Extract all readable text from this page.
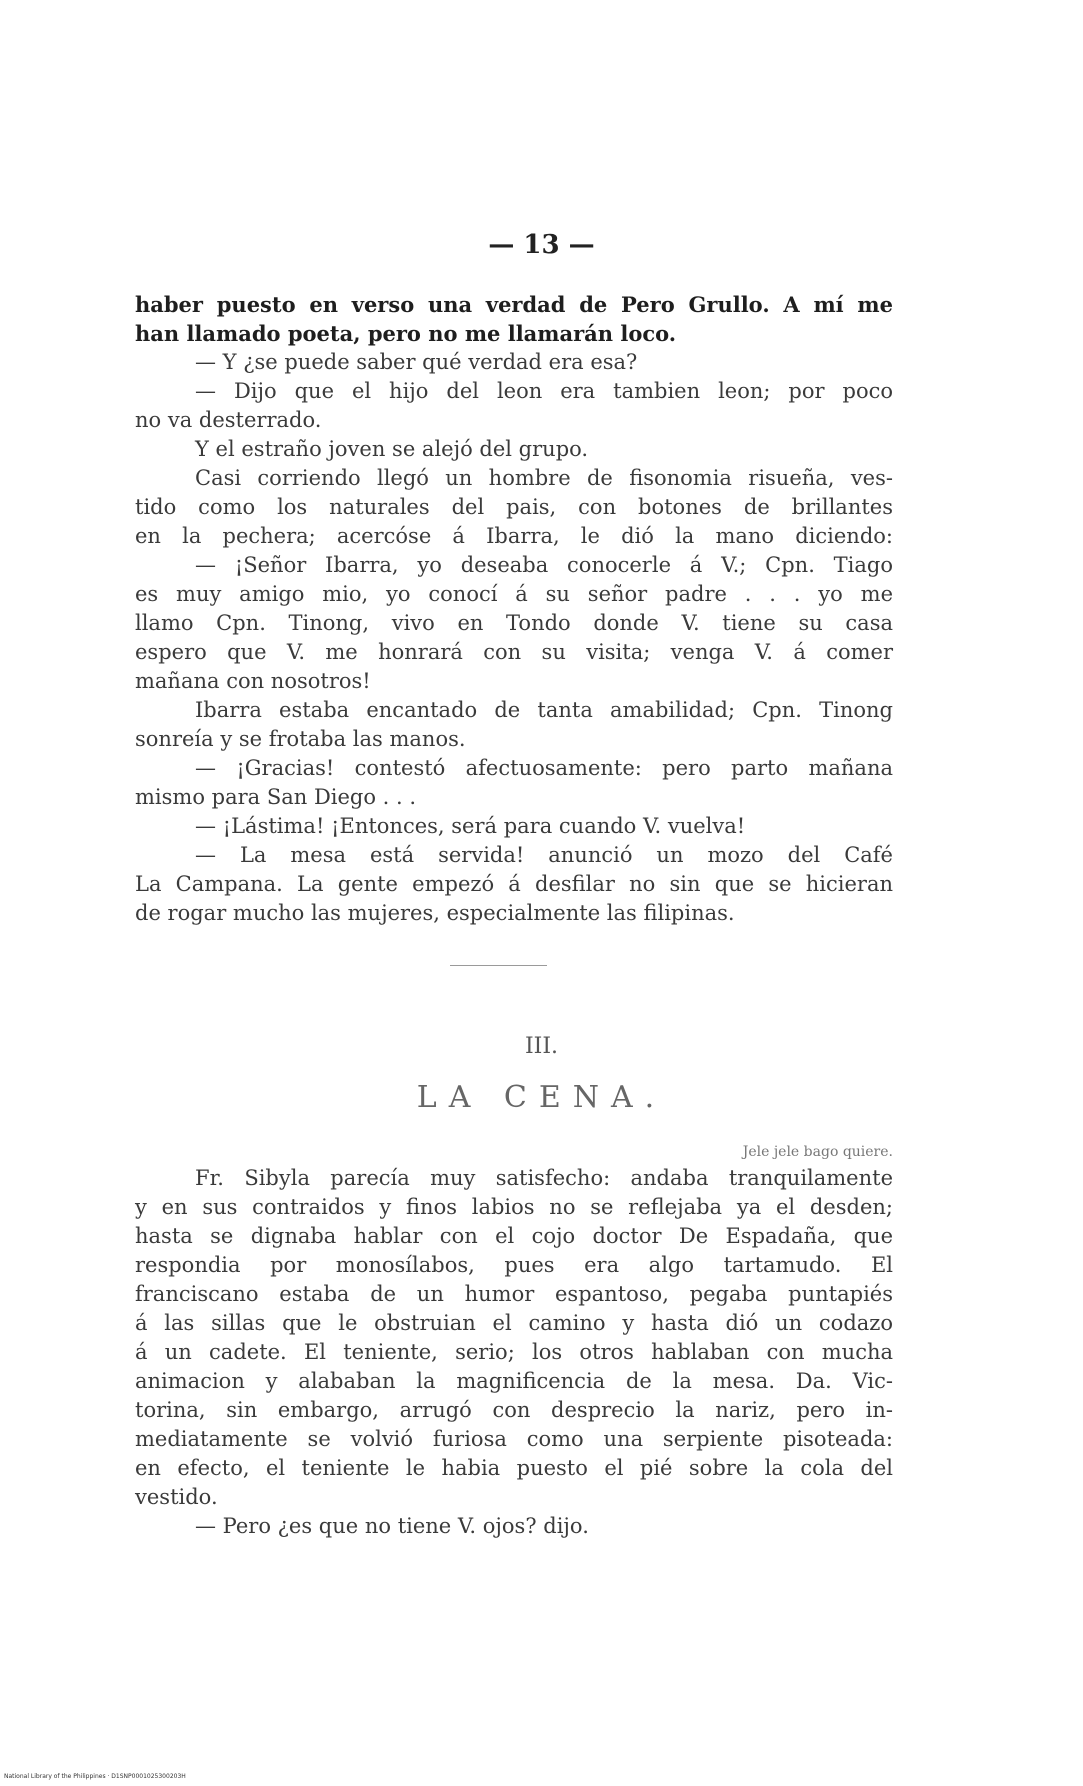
— 13 —
haber puesto en verso una verdad de Pero Grullo. A mí me
han llamado poeta, pero no me llamarán loco.
— Y ¿se puede saber qué verdad era esa?
— Dijo que el hijo del leon era tambien leon; por poco
no va desterrado.
Y el estraño joven se alejó del grupo.
Casi corriendo llegó un hombre de fisonomia risueña, ves-
tido como los naturales del pais, con botones de brillantes
en la pechera; acercóse á Ibarra, le dió la mano diciendo:
— ¡Señor Ibarra, yo deseaba conocerle á V.; Cpn. Tiago
es muy amigo mio, yo conocí á su señor padre . . . yo me
llamo Cpn. Tinong, vivo en Tondo donde V. tiene su casa
espero que V. me honrará con su visita; venga V. á comer
mañana con nosotros!
Ibarra estaba encantado de tanta amabilidad; Cpn. Tinong
sonreía y se frotaba las manos.
— ¡Gracias! contestó afectuosamente: pero parto mañana
mismo para San Diego . . .
— ¡Lástima! ¡Entonces, será para cuando V. vuelva!
— La mesa está servida! anunció un mozo del Café
La Campana. La gente empezó á desfilar no sin que se hicieran
de rogar mucho las mujeres, especialmente las filipinas.
III.
LA CENA.
Jele jele bago quiere.
Fr. Sibyla parecía muy satisfecho: andaba tranquilamente
y en sus contraidos y finos labios no se reflejaba ya el desden;
hasta se dignaba hablar con el cojo doctor De Espadaña, que
respondia por monosílabos, pues era algo tartamudo. El
franciscano estaba de un humor espantoso, pegaba puntapiés
á las sillas que le obstruian el camino y hasta dió un codazo
á un cadete. El teniente, serio; los otros hablaban con mucha
animacion y alababan la magnificencia de la mesa. Da. Vic-
torina, sin embargo, arrugó con desprecio la nariz, pero in-
mediatamente se volvió furiosa como una serpiente pisoteada:
en efecto, el teniente le habia puesto el pié sobre la cola del
vestido.
— Pero ¿es que no tiene V. ojos? dijo.
National Library of the Philippines · D1SNP0001025300203H
